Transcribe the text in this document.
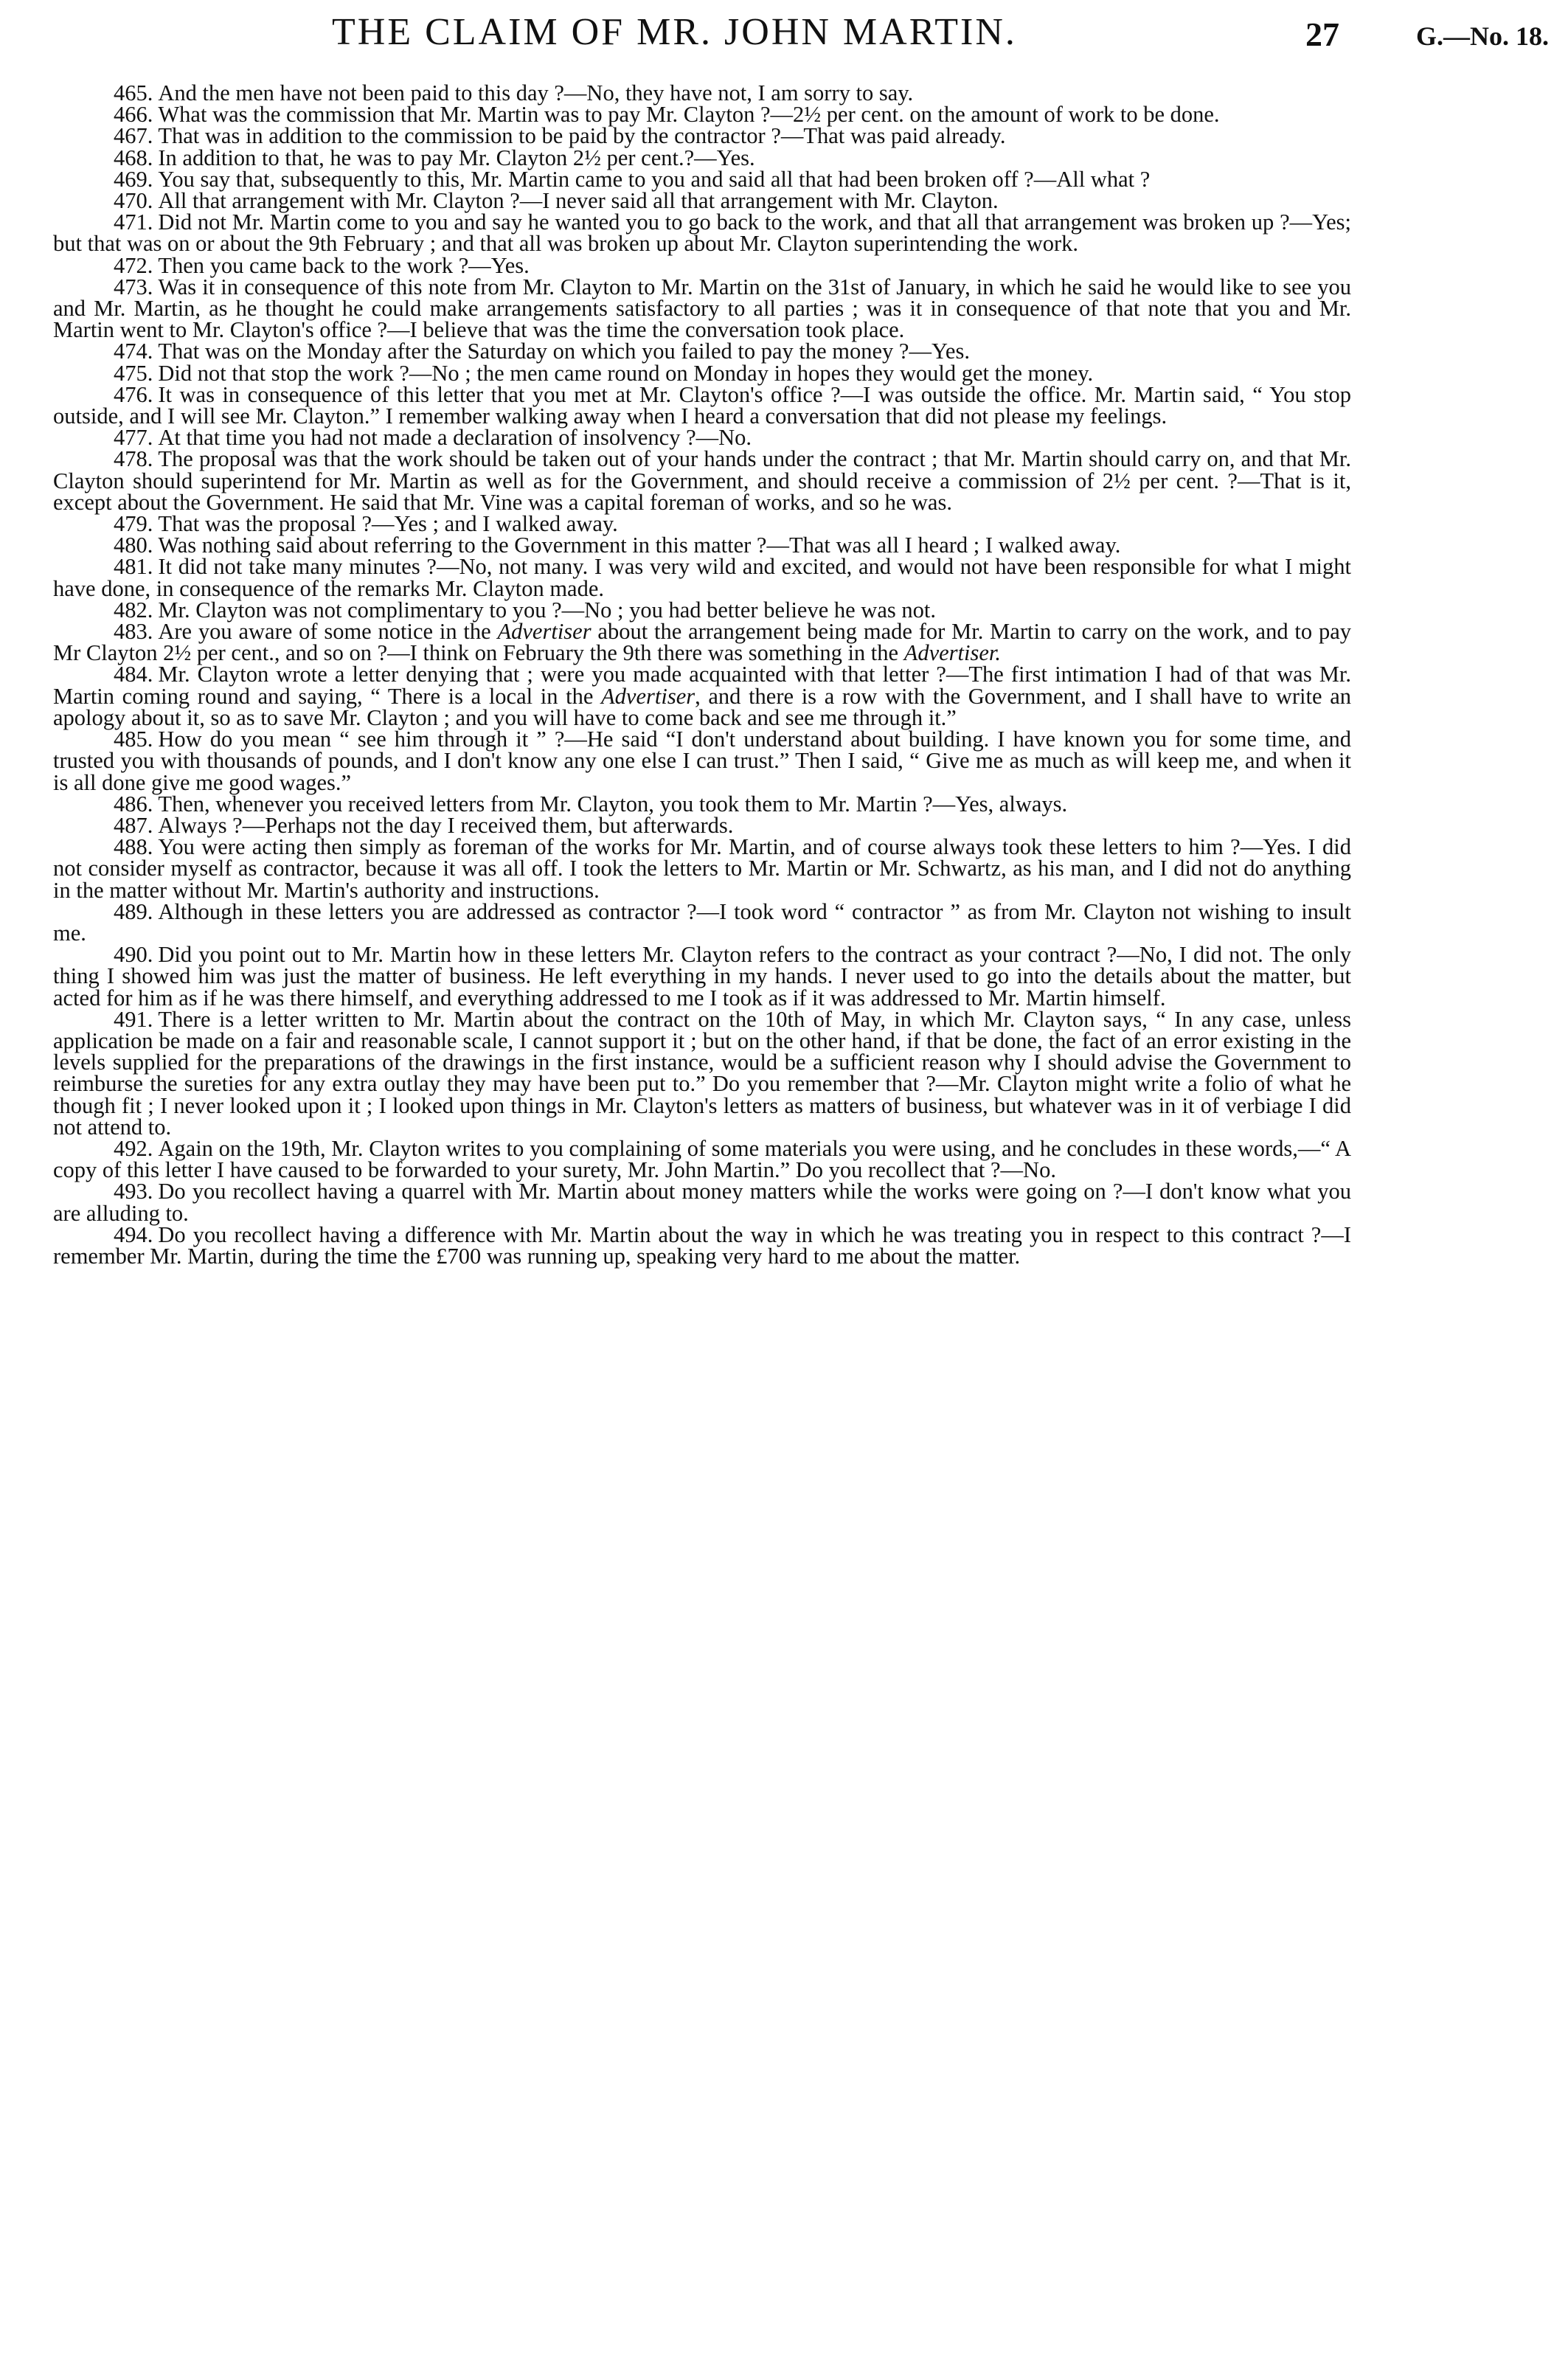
THE CLAIM OF MR. JOHN MARTIN.	27	G.—No. 18.

465. And the men have not been paid to this day ?—No, they have not, I am sorry to say.

466. What was the commission that Mr. Martin was to pay Mr. Clayton ?—2½ per cent. on the amount of work to be done.

467. That was in addition to the commission to be paid by the contractor ?—That was paid already.

468. In addition to that, he was to pay Mr. Clayton 2½ per cent.?—Yes.

469. You say that, subsequently to this, Mr. Martin came to you and said all that had been broken off ?—All what ?

470. All that arrangement with Mr. Clayton ?—I never said all that arrangement with Mr. Clayton.

471. Did not Mr. Martin come to you and say he wanted you to go back to the work, and that all that arrangement was broken up ?—Yes; but that was on or about the 9th February ; and that all was broken up about Mr. Clayton superintending the work.

472. Then you came back to the work ?—Yes.

473. Was it in consequence of this note from Mr. Clayton to Mr. Martin on the 31st of January, in which he said he would like to see you and Mr. Martin, as he thought he could make arrangements satisfactory to all parties ; was it in consequence of that note that you and Mr. Martin went to Mr. Clayton's office ?—I believe that was the time the conversation took place.

474. That was on the Monday after the Saturday on which you failed to pay the money ?—Yes.

475. Did not that stop the work ?—No ; the men came round on Monday in hopes they would get the money.

476. It was in consequence of this letter that you met at Mr. Clayton's office ?—I was outside the office. Mr. Martin said, “ You stop outside, and I will see Mr. Clayton.” I remember walking away when I heard a conversation that did not please my feelings.

477. At that time you had not made a declaration of insolvency ?—No.

478. The proposal was that the work should be taken out of your hands under the contract ; that Mr. Martin should carry on, and that Mr. Clayton should superintend for Mr. Martin as well as for the Government, and should receive a commission of 2½ per cent. ?—That is it, except about the Government. He said that Mr. Vine was a capital foreman of works, and so he was.

479. That was the proposal ?—Yes ; and I walked away.

480. Was nothing said about referring to the Government in this matter ?—That was all I heard ; I walked away.

481. It did not take many minutes ?—No, not many. I was very wild and excited, and would not have been responsible for what I might have done, in consequence of the remarks Mr. Clayton made.

482. Mr. Clayton was not complimentary to you ?—No ; you had better believe he was not.

483. Are you aware of some notice in the Advertiser about the arrangement being made for Mr. Martin to carry on the work, and to pay Mr Clayton 2½ per cent., and so on ?—I think on February the 9th there was something in the Advertiser.

484. Mr. Clayton wrote a letter denying that ; were you made acquainted with that letter ?—The first intimation I had of that was Mr. Martin coming round and saying, “ There is a local in the Advertiser, and there is a row with the Government, and I shall have to write an apology about it, so as to save Mr. Clayton ; and you will have to come back and see me through it.”

485. How do you mean “ see him through it ” ?—He said “I don't understand about building. I have known you for some time, and trusted you with thousands of pounds, and I don't know any one else I can trust.” Then I said, “ Give me as much as will keep me, and when it is all done give me good wages.”

486. Then, whenever you received letters from Mr. Clayton, you took them to Mr. Martin ?—Yes, always.

487. Always ?—Perhaps not the day I received them, but afterwards.

488. You were acting then simply as foreman of the works for Mr. Martin, and of course always took these letters to him ?—Yes. I did not consider myself as contractor, because it was all off. I took the letters to Mr. Martin or Mr. Schwartz, as his man, and I did not do anything in the matter without Mr. Martin's authority and instructions.

489. Although in these letters you are addressed as contractor ?—I took word “ contractor ” as from Mr. Clayton not wishing to insult me.

490. Did you point out to Mr. Martin how in these letters Mr. Clayton refers to the contract as your contract ?—No, I did not. The only thing I showed him was just the matter of business. He left everything in my hands. I never used to go into the details about the matter, but acted for him as if he was there himself, and everything addressed to me I took as if it was addressed to Mr. Martin himself.

491. There is a letter written to Mr. Martin about the contract on the 10th of May, in which Mr. Clayton says, “ In any case, unless application be made on a fair and reasonable scale, I cannot support it ; but on the other hand, if that be done, the fact of an error existing in the levels supplied for the preparations of the drawings in the first instance, would be a sufficient reason why I should advise the Government to reimburse the sureties for any extra outlay they may have been put to.” Do you remember that ?—Mr. Clayton might write a folio of what he though fit ; I never looked upon it ; I looked upon things in Mr. Clayton's letters as matters of business, but whatever was in it of verbiage I did not attend to.

492. Again on the 19th, Mr. Clayton writes to you complaining of some materials you were using, and he concludes in these words,—“ A copy of this letter I have caused to be forwarded to your surety, Mr. John Martin.” Do you recollect that ?—No.

493. Do you recollect having a quarrel with Mr. Martin about money matters while the works were going on ?—I don't know what you are alluding to.

494. Do you recollect having a difference with Mr. Martin about the way in which he was treating you in respect to this contract ?—I remember Mr. Martin, during the time the £700 was running up, speaking very hard to me about the matter.
